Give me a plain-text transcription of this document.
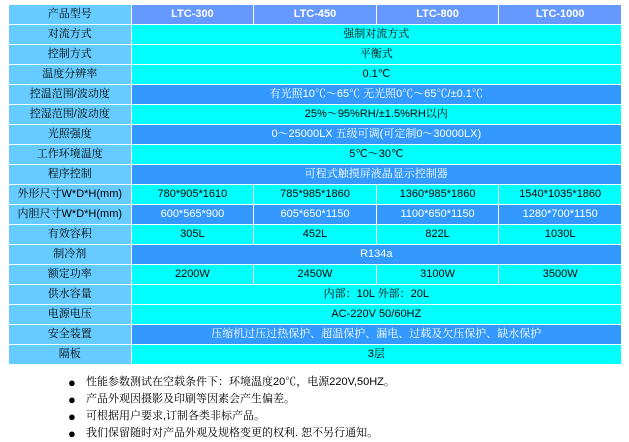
产品型号	LTC-300	LTC-450	LTC-800	LTC-1000
对流方式	强制对流方式			
控制方式	平衡式			
温度分辨率	0.1℃			
控温范围/波动度	有光照10℃～65℃ 无光照0℃～65℃/±0.1℃			
控湿范围/波动度	25%～95%RH/±1.5%RH以内			
光照强度	0～25000LX 五级可调(可定制0～30000LX)			
工作环境温度	5℃～30℃			
程序控制	可程式触摸屏液晶显示控制器			
外形尺寸W*D*H(mm)	780*905*1610	785*985*1860	1360*985*1860	1540*1035*1860
内胆尺寸W*D*H(mm)	600*565*900	605*650*1150	1100*650*1150	1280*700*1150
有效容积	305L	452L	822L	1030L
制冷剂	R134a			
额定功率	2200W	2450W	3100W	3500W
供水容量	内部：10L 外部：20L			
电源电压	AC-220V 50/60HZ			
安全装置	压缩机过压过热保护、超温保护、漏电、过载及欠压保护、缺水保护			
隔板	3层			
● 性能参数测试在空载条件下：环境温度20℃，电源220V,50HZ。
● 产品外观因摄影及印刷等因素会产生偏差。
● 可根据用户要求,订制各类非标产品。
● 我们保留随时对产品外观及规格变更的权利. 恕不另行通知。
